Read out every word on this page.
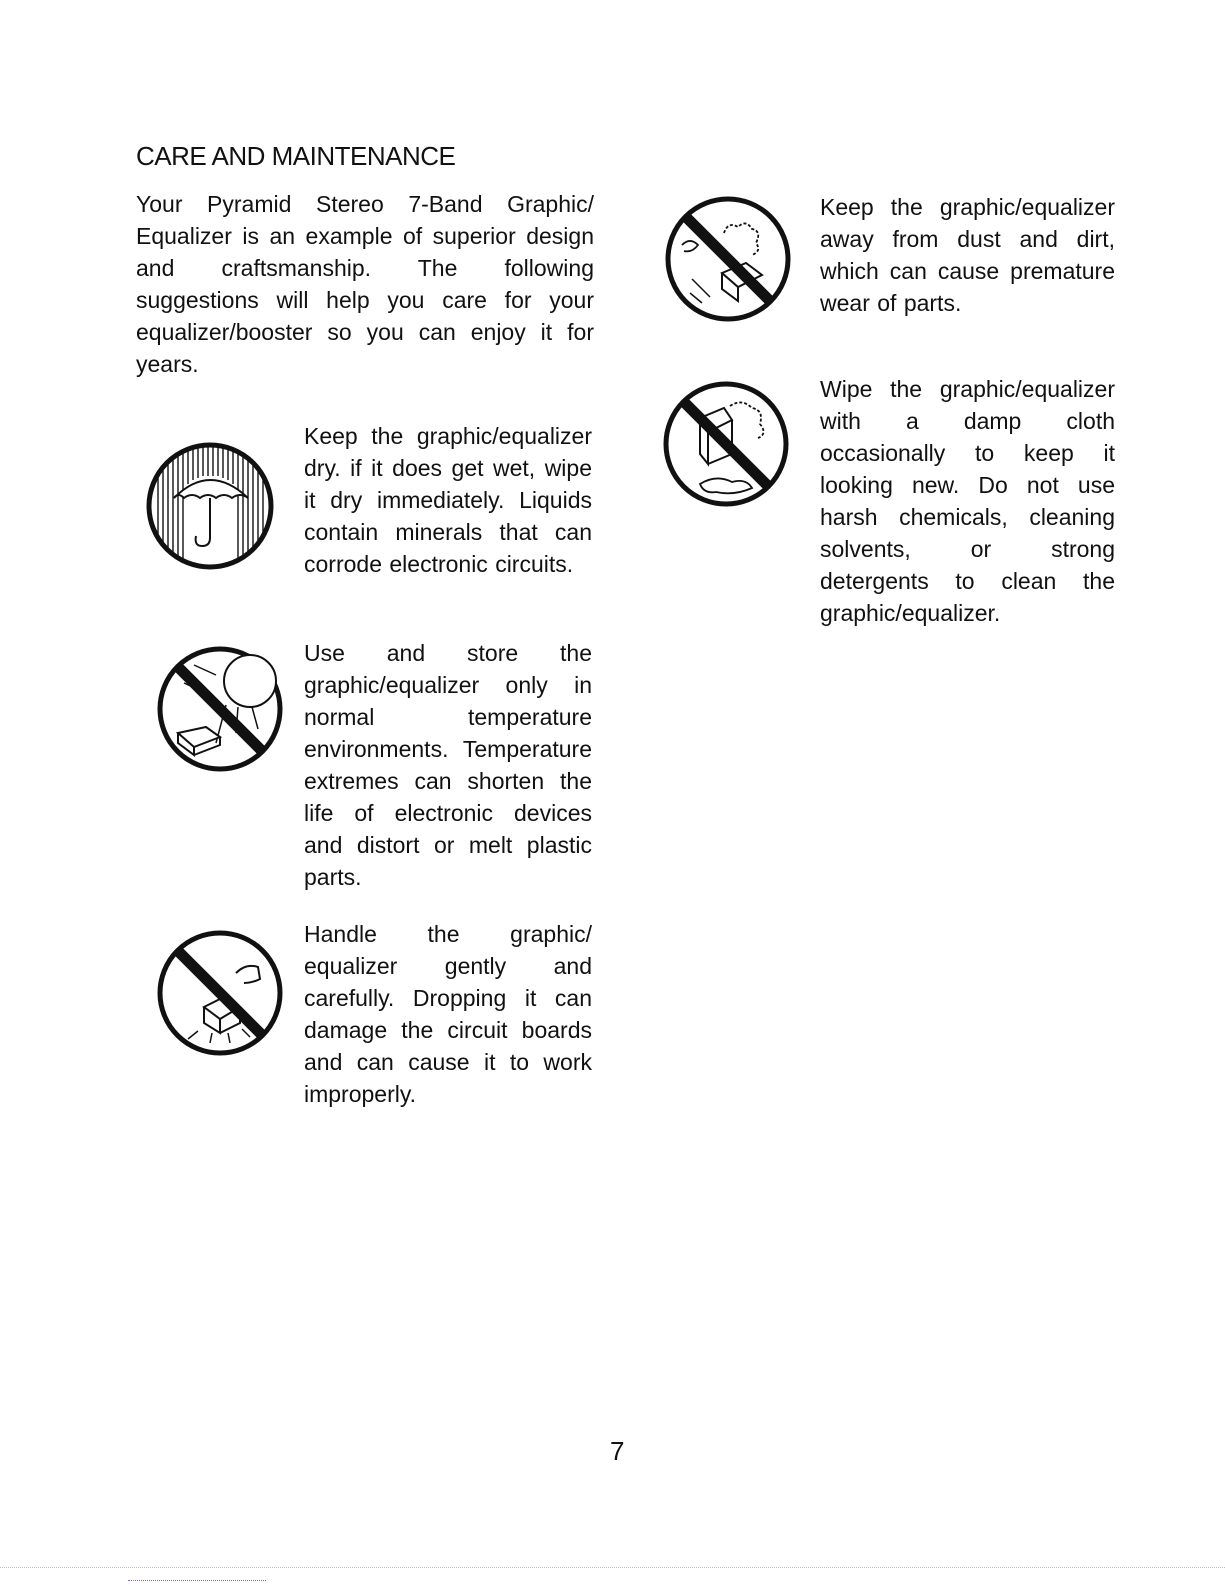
CARE AND MAINTENANCE

Your Pyramid Stereo 7-Band Graphic/ Equalizer is an example of superior design and craftsmanship. The following suggestions will help you care for your equalizer/booster so you can enjoy it for years.

Keep the graphic/equalizer dry. if it does get wet, wipe it dry immediately. Liquids contain minerals that can corrode electronic circuits.

Use and store the graphic/equalizer only in normal temperature environments. Temperature extremes can shorten the life of electronic devices and distort or melt plastic parts.

Handle the graphic/ equalizer gently and carefully. Dropping it can damage the circuit boards and can cause it to work improperly.

Keep the graphic/equalizer away from dust and dirt, which can cause premature wear of parts.

Wipe the graphic/equalizer with a damp cloth occasionally to keep it looking new. Do not use harsh chemicals, cleaning solvents, or strong detergents to clean the graphic/equalizer.

7
